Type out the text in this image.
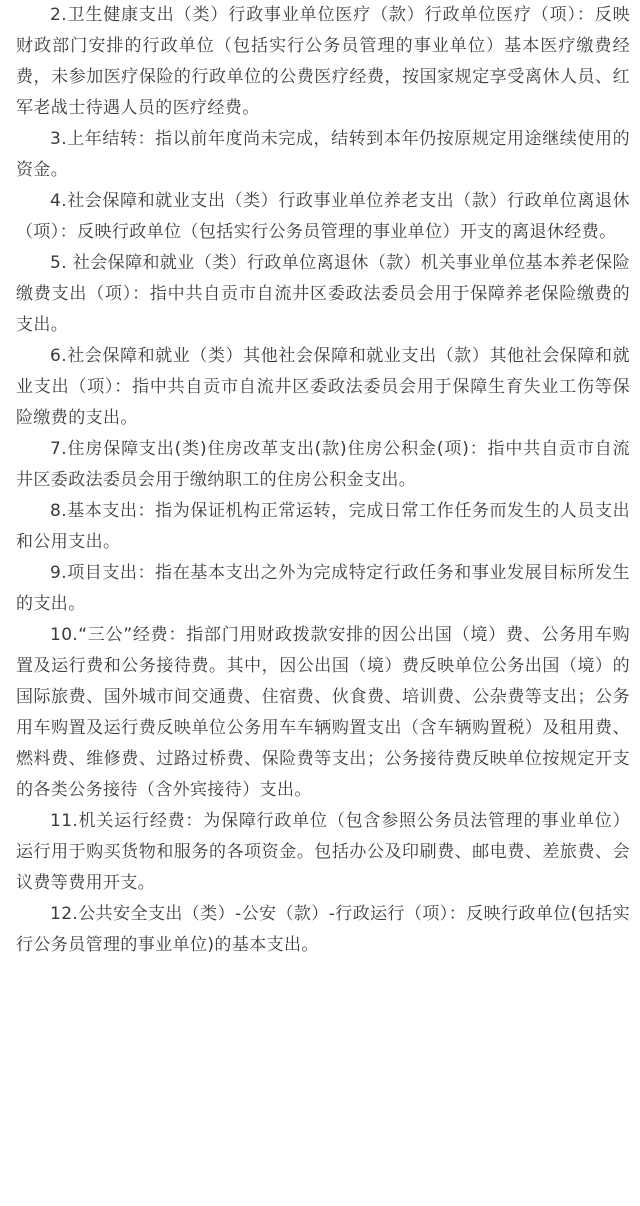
2.卫生健康支出（类）行政事业单位医疗（款）行政单位医疗（项）：反映财政部门安排的行政单位（包括实行公务员管理的事业单位）基本医疗缴费经费，未参加医疗保险的行政单位的公费医疗经费，按国家规定享受离休人员、红军老战士待遇人员的医疗经费。

3.上年结转：指以前年度尚未完成，结转到本年仍按原规定用途继续使用的资金。

4.社会保障和就业支出（类）行政事业单位养老支出（款）行政单位离退休（项）：反映行政单位（包括实行公务员管理的事业单位）开支的离退休经费。

5. 社会保障和就业（类）行政单位离退休（款）机关事业单位基本养老保险缴费支出（项）：指中共自贡市自流井区委政法委员会用于保障养老保险缴费的支出。

6.社会保障和就业（类）其他社会保障和就业支出（款）其他社会保障和就业支出（项）：指中共自贡市自流井区委政法委员会用于保障生育失业工伤等保险缴费的支出。

7.住房保障支出(类)住房改革支出(款)住房公积金(项)：指中共自贡市自流井区委政法委员会用于缴纳职工的住房公积金支出。

8.基本支出：指为保证机构正常运转，完成日常工作任务而发生的人员支出和公用支出。

9.项目支出：指在基本支出之外为完成特定行政任务和事业发展目标所发生的支出。

10.“三公”经费：指部门用财政拨款安排的因公出国（境）费、公务用车购置及运行费和公务接待费。其中，因公出国（境）费反映单位公务出国（境）的国际旅费、国外城市间交通费、住宿费、伙食费、培训费、公杂费等支出；公务用车购置及运行费反映单位公务用车车辆购置支出（含车辆购置税）及租用费、燃料费、维修费、过路过桥费、保险费等支出；公务接待费反映单位按规定开支的各类公务接待（含外宾接待）支出。

11.机关运行经费：为保障行政单位（包含参照公务员法管理的事业单位）运行用于购买货物和服务的各项资金。包括办公及印刷费、邮电费、差旅费、会议费等费用开支。

12.公共安全支出（类）-公安（款）-行政运行（项）：反映行政单位(包括实行公务员管理的事业单位)的基本支出。
